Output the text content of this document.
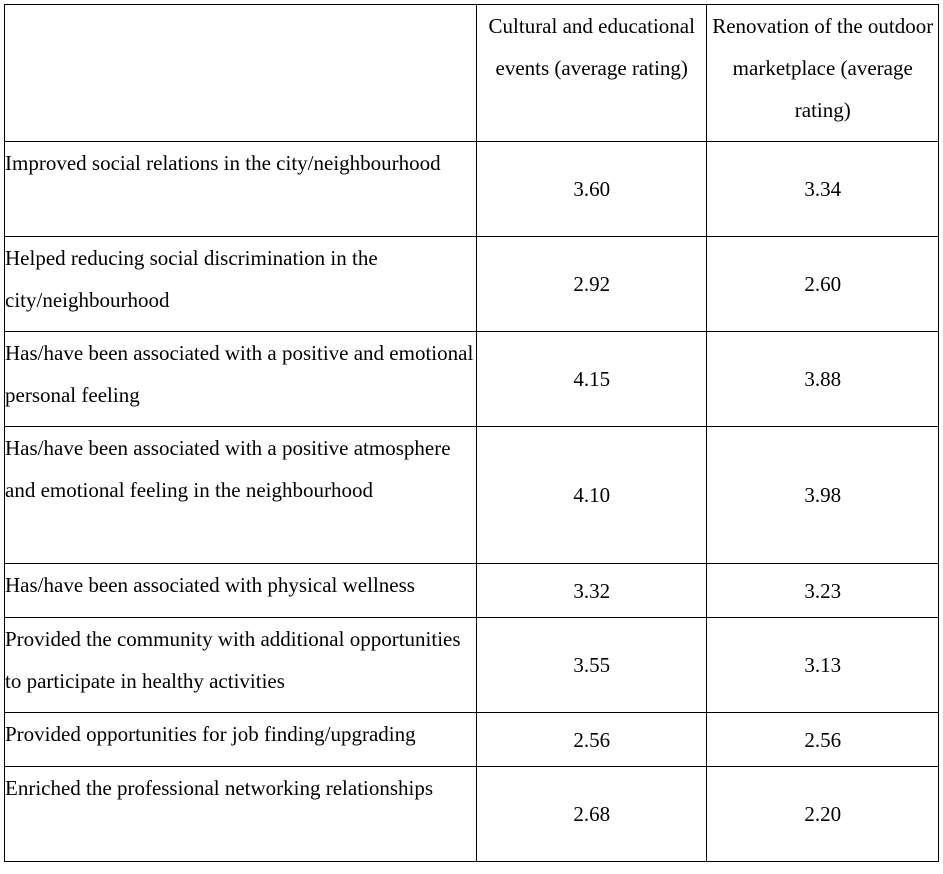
	Cultural and educational events (average rating)	Renovation of the outdoor marketplace (average rating)
Improved social relations in the city/neighbourhood	3.60	3.34
Helped reducing social discrimination in the city/neighbourhood	2.92	2.60
Has/have been associated with a positive and emotional personal feeling	4.15	3.88
Has/have been associated with a positive atmosphere and emotional feeling in the neighbourhood	4.10	3.98
Has/have been associated with physical wellness	3.32	3.23
Provided the community with additional opportunities to participate in healthy activities	3.55	3.13
Provided opportunities for job finding/upgrading	2.56	2.56
Enriched the professional networking relationships	2.68	2.20
